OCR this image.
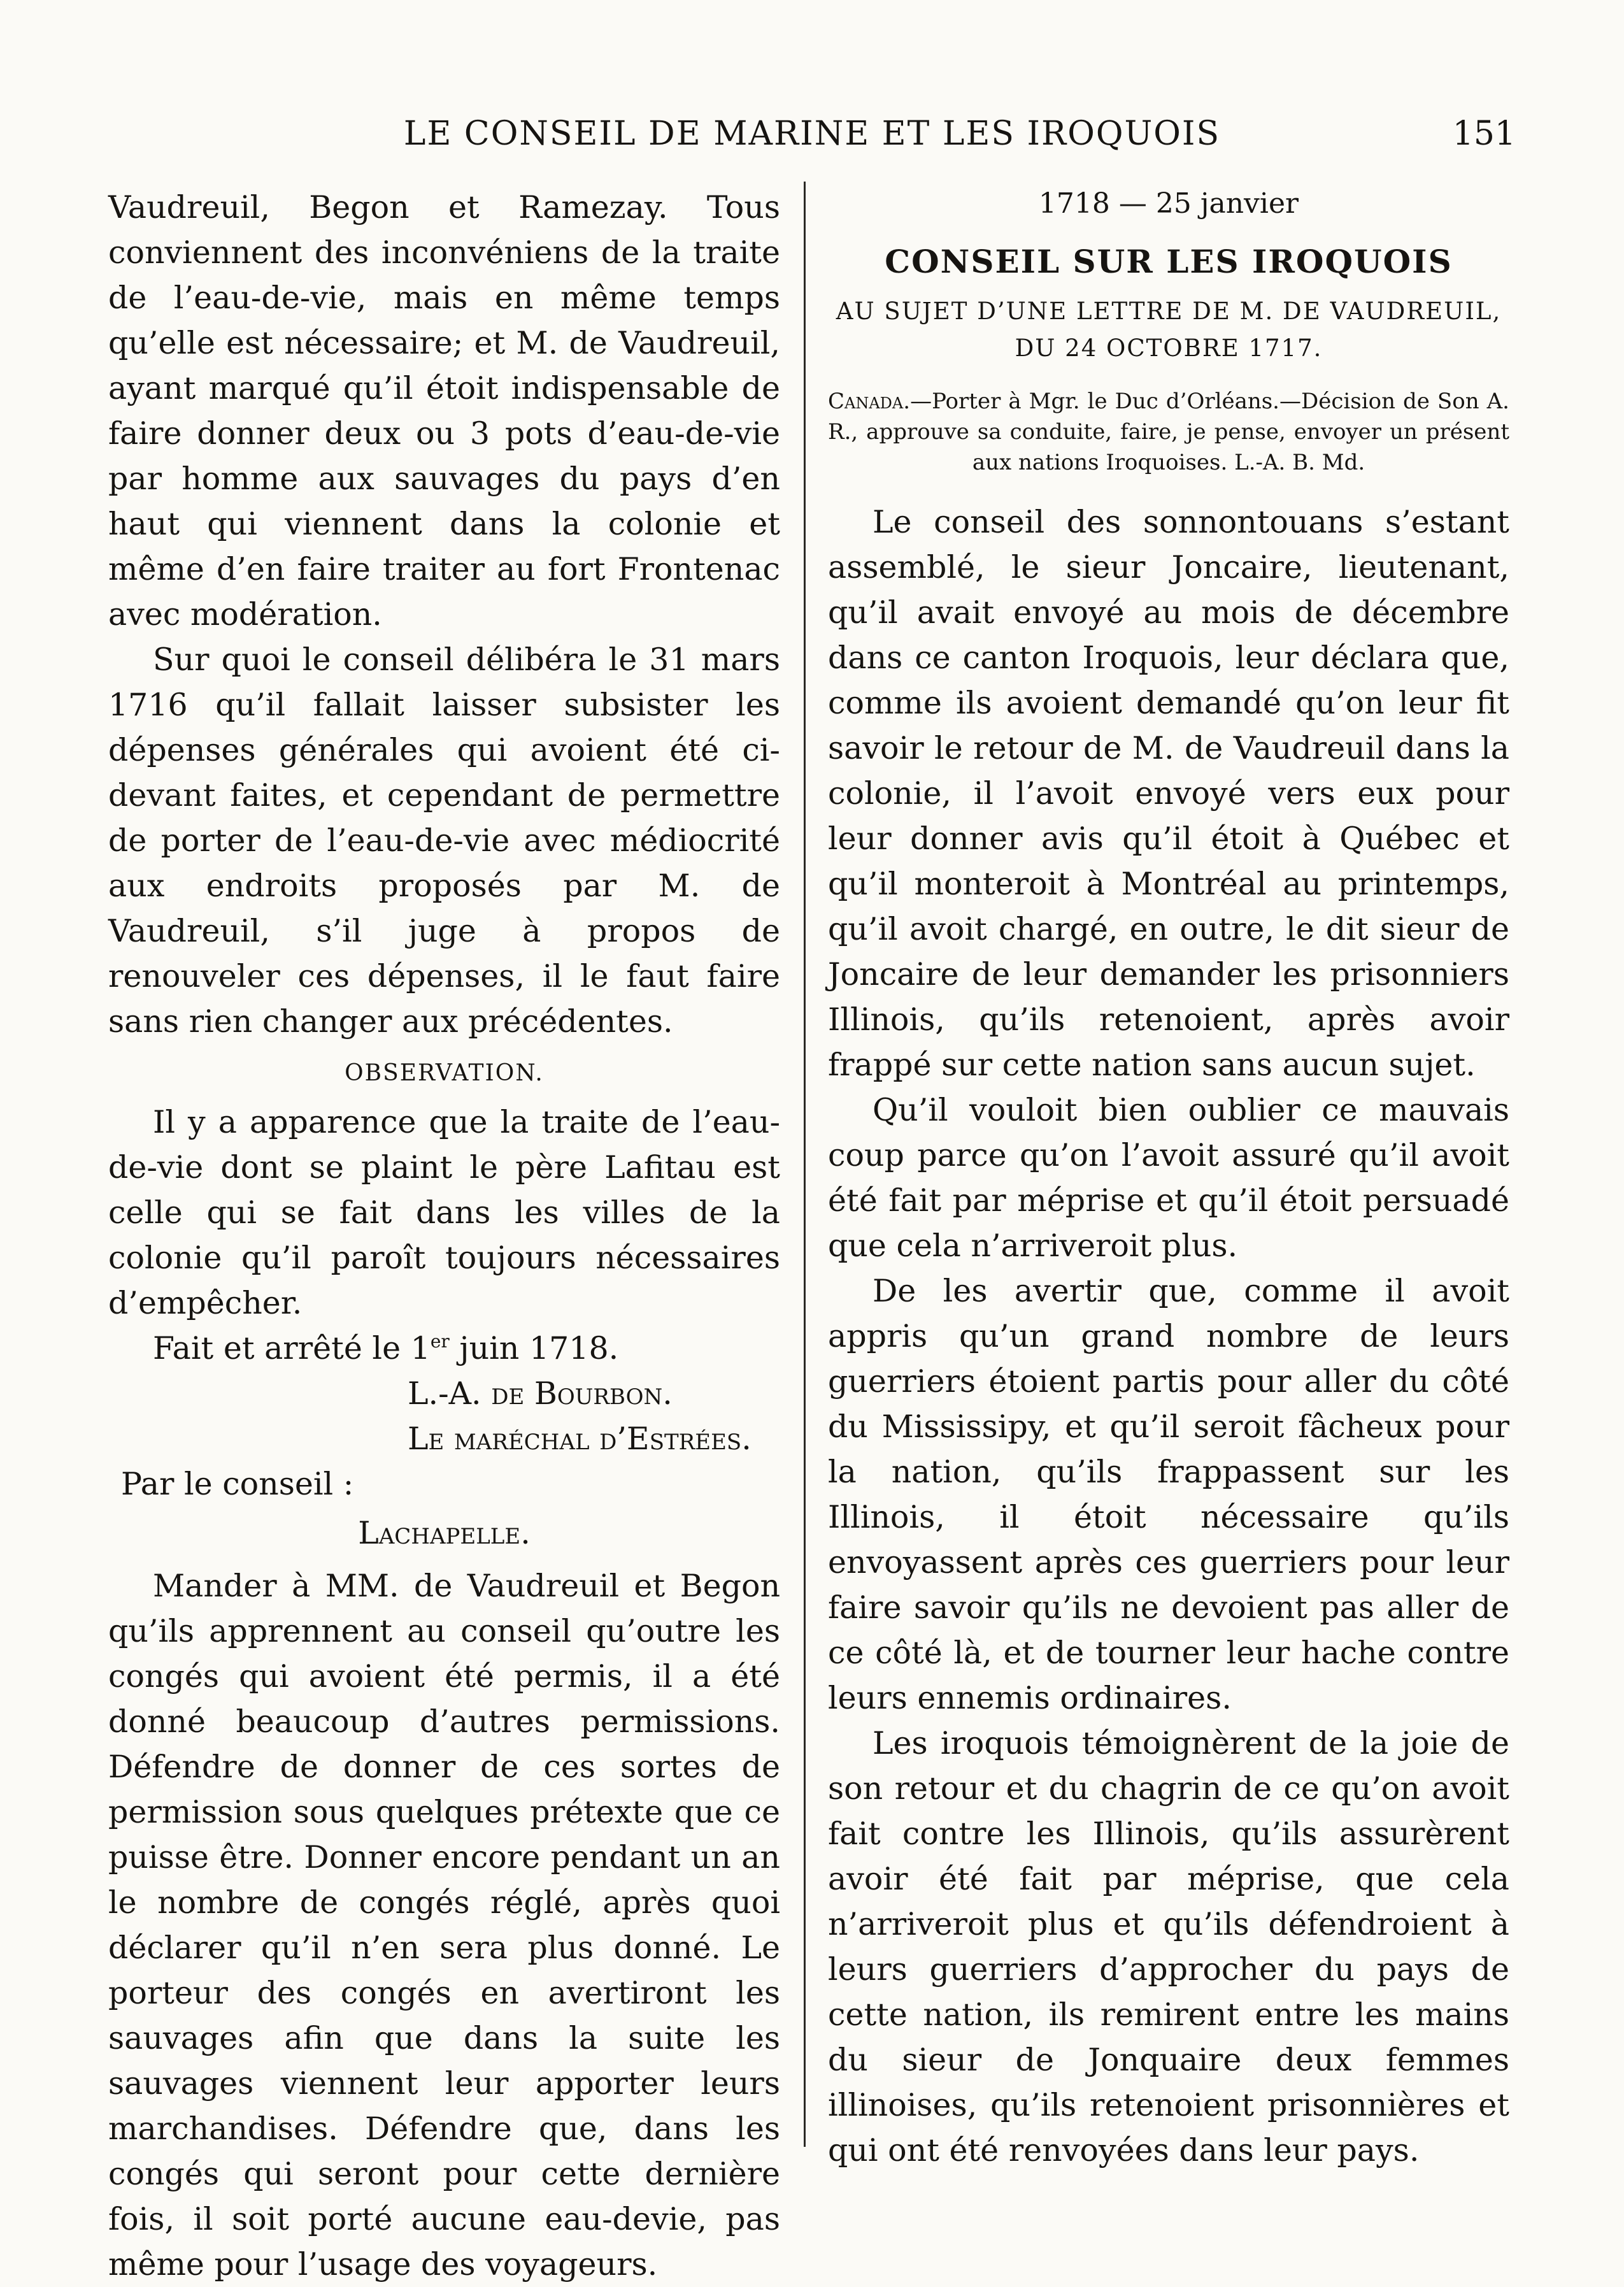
LE CONSEIL DE MARINE ET LES IROQUOIS	151

Vaudreuil, Begon et Ramezay. Tous conviennent des inconvéniens de la traite de l’eau-de-vie, mais en même temps qu’elle est nécessaire; et M. de Vaudreuil, ayant marqué qu’il étoit indispensable de faire donner deux ou 3 pots d’eau-de-vie par homme aux sauvages du pays d’en haut qui viennent dans la colonie et même d’en faire traiter au fort Frontenac avec modération.

Sur quoi le conseil délibéra le 31 mars 1716 qu’il fallait laisser subsister les dépenses générales qui avoient été ci-devant faites, et cependant de permettre de porter de l’eau-de-vie avec médiocrité aux endroits proposés par M. de Vaudreuil, s’il juge à propos de renouveler ces dépenses, il le faut faire sans rien changer aux précédentes.

OBSERVATION.

Il y a apparence que la traite de l’eau-de-vie dont se plaint le père Lafitau est celle qui se fait dans les villes de la colonie qu’il paroît toujours nécessaires d’empêcher.

Fait et arrêté le 1er juin 1718.

L.-A. de Bourbon.

Le maréchal d’Estrées.

Par le conseil :

Lachapelle.

Mander à MM. de Vaudreuil et Begon qu’ils apprennent au conseil qu’outre les congés qui avoient été permis, il a été donné beaucoup d’autres permissions. Défendre de donner de ces sortes de permission sous quelques prétexte que ce puisse être. Donner encore pendant un an le nombre de congés réglé, après quoi déclarer qu’il n’en sera plus donné. Le porteur des congés en avertiront les sauvages afin que dans la suite les sauvages viennent leur apporter leurs marchandises. Défendre que, dans les congés qui seront pour cette dernière fois, il soit porté aucune eau-devie, pas même pour l’usage des voyageurs.

1718 — 25 janvier

CONSEIL SUR LES IROQUOIS

AU SUJET D’UNE LETTRE DE M. DE VAUDREUIL,

DU 24 OCTOBRE 1717.

Canada.—Porter à Mgr. le Duc d’Orléans.—Décision de Son A. R., approuve sa conduite, faire, je pense, envoyer un présent aux nations Iroquoises. L.-A. B. Md.

Le conseil des sonnontouans s’estant assemblé, le sieur Joncaire, lieutenant, qu’il avait envoyé au mois de décembre dans ce canton Iroquois, leur déclara que, comme ils avoient demandé qu’on leur fit savoir le retour de M. de Vaudreuil dans la colonie, il l’avoit envoyé vers eux pour leur donner avis qu’il étoit à Québec et qu’il monteroit à Montréal au printemps, qu’il avoit chargé, en outre, le dit sieur de Joncaire de leur demander les prisonniers Illinois, qu’ils retenoient, après avoir frappé sur cette nation sans aucun sujet.

Qu’il vouloit bien oublier ce mauvais coup parce qu’on l’avoit assuré qu’il avoit été fait par méprise et qu’il étoit persuadé que cela n’arriveroit plus.

De les avertir que, comme il avoit appris qu’un grand nombre de leurs guerriers étoient partis pour aller du côté du Mississipy, et qu’il seroit fâcheux pour la nation, qu’ils frappassent sur les Illinois, il étoit nécessaire qu’ils envoyassent après ces guerriers pour leur faire savoir qu’ils ne devoient pas aller de ce côté là, et de tourner leur hache contre leurs ennemis ordinaires.

Les iroquois témoignèrent de la joie de son retour et du chagrin de ce qu’on avoit fait contre les Illinois, qu’ils assurèrent avoir été fait par méprise, que cela n’arriveroit plus et qu’ils défendroient à leurs guerriers d’approcher du pays de cette nation, ils remirent entre les mains du sieur de Jonquaire deux femmes illinoises, qu’ils retenoient prisonnières et qui ont été renvoyées dans leur pays.
